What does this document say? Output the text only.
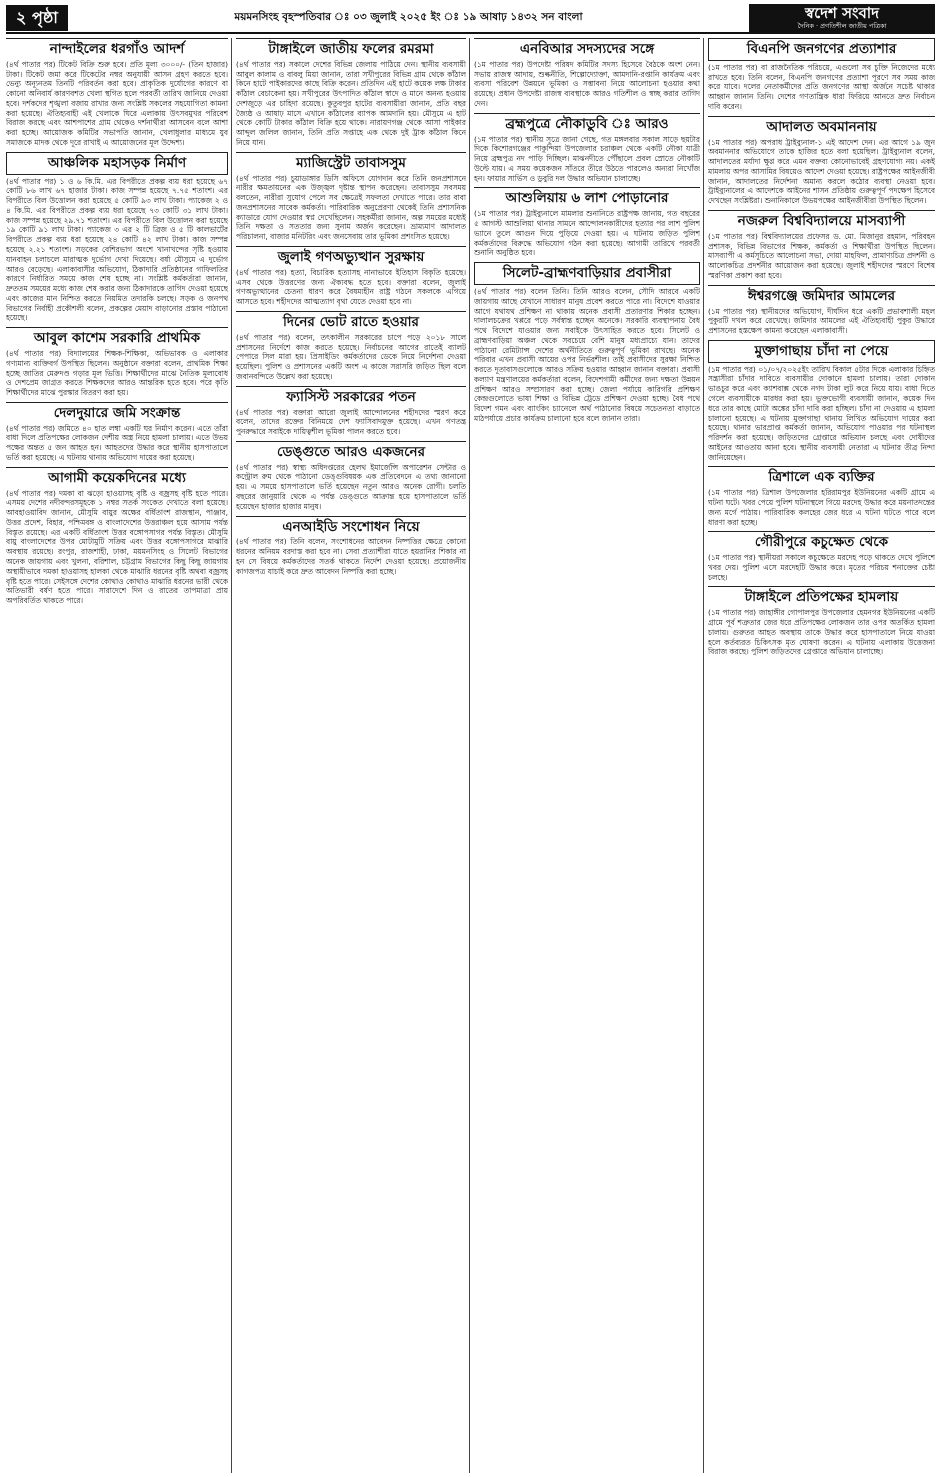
২ পৃষ্ঠা	ময়মনসিংহ বৃহস্পতিবার ঃ ০৩ জুলাই ২০২৫ ইং ঃ ১৯ আষাঢ় ১৪৩২ সন বাংলা	স্বদেশ সংবাদ
দৈনিক · প্রগতিশীল জাতীয় পত্রিকা
নান্দাইলের ধরগাঁও আদর্শ

(৪র্থ পাতার পর) টিকেট বিক্রি শুরু হবে। প্রতি মূল্য ৩০০০/- (তিন হাজার) টাকা। টিকেট জমা করে টিকেটের নম্বর অনুযায়ী আসন গ্রহণ করতে হবে। ভেন্যু অন্যূনতম তিনটি পরিবর্তন করা হবে। প্রাকৃতিক দুর্যোগের কারণে বা কোনো অনিবার্য কারণবশত খেলা স্থগিত হলে পরবর্তী তারিখ জানিয়ে দেওয়া হবে। দর্শকদের শৃঙ্খলা বজায় রাখার জন্য সংশ্লিষ্ট সকলের সহযোগিতা কামনা করা হয়েছে। ঐতিহ্যবাহী এই খেলাকে ঘিরে এলাকায় উৎসবমুখর পরিবেশ বিরাজ করছে এবং আশপাশের গ্রাম থেকেও দর্শনার্থীরা আসবেন বলে আশা করা হচ্ছে। আয়োজক কমিটির সভাপতি জানান, খেলাধুলার মাধ্যমে যুব সমাজকে মাদক থেকে দূরে রাখাই এ আয়োজনের মূল উদ্দেশ্য।

আঞ্চলিক মহাসড়ক নির্মাণ

(৪র্থ পাতার পর) ১ ও ৬ কি.মি. এর বিপরীতে প্রকল্প ব্যয় ধরা হয়েছে ৬৭ কোটি ৮৬ লাখ ৬৭ হাজার টাকা। কাজ সম্পন্ন হয়েছে ৭.৭৫ শতাংশ। এর বিপরীতে বিল উত্তোলন করা হয়েছে ৫ কোটি ৯৩ লাখ টাকা। প্যাকেজ ২ ও ৪ কি.মি. এর বিপরীতে প্রকল্প ব্যয় ধরা হয়েছে ৭৩ কোটি ৩১ লাখ টাকা। কাজ সম্পন্ন হয়েছে ২৯.৭১ শতাংশ। এর বিপরীতে বিল উত্তোলন করা হয়েছে ১৯ কোটি ৯১ লাখ টাকা। প্যাকেজ ৩ এর ২ টি ব্রিজ ও ৫ টি কালভার্টের বিপরীতে প্রকল্প ব্যয় ধরা হয়েছে ২৪ কোটি ৪২ লাখ টাকা। কাজ সম্পন্ন হয়েছে ২.২১ শতাংশ। সড়কের বেশিরভাগ অংশে খানাখন্দের সৃষ্টি হওয়ায় যানবাহন চলাচলে মারাত্মক দুর্ভোগ দেখা দিয়েছে। বর্ষা মৌসুমে এ দুর্ভোগ আরও বেড়েছে। এলাকাবাসীর অভিযোগ, ঠিকাদারি প্রতিষ্ঠানের গাফিলতির কারণে নির্ধারিত সময়ে কাজ শেষ হচ্ছে না। সংশ্লিষ্ট কর্মকর্তারা জানান, দ্রুততম সময়ের মধ্যে কাজ শেষ করার জন্য ঠিকাদারকে তাগিদ দেওয়া হয়েছে এবং কাজের মান নিশ্চিত করতে নিয়মিত তদারকি চলছে। সড়ক ও জনপথ বিভাগের নির্বাহী প্রকৌশলী বলেন, প্রকল্পের মেয়াদ বাড়ানোর প্রস্তাব পাঠানো হয়েছে।

আবুল কাশেম সরকারি প্রাথমিক

(৪র্থ পাতার পর) বিদ্যালয়ের শিক্ষক-শিক্ষিকা, অভিভাবক ও এলাকার গণ্যমান্য ব্যক্তিবর্গ উপস্থিত ছিলেন। অনুষ্ঠানে বক্তারা বলেন, প্রাথমিক শিক্ষা হচ্ছে জাতির মেরুদণ্ড গড়ার মূল ভিত্তি। শিক্ষার্থীদের মাঝে নৈতিক মূল্যবোধ ও দেশপ্রেম জাগ্রত করতে শিক্ষকদের আরও আন্তরিক হতে হবে। পরে কৃতি শিক্ষার্থীদের মাঝে পুরস্কার বিতরণ করা হয়।

দেলদুয়ারে জমি সংক্রান্ত

(৪র্থ পাতার পর) জমিতে ৪০ হাত লম্বা একটি ঘর নির্মাণ করেন। এতে তাঁরা বাধা দিলে প্রতিপক্ষের লোকজন দেশীয় অস্ত্র নিয়ে হামলা চালায়। এতে উভয় পক্ষের অন্তত ৫ জন আহত হন। আহতদের উদ্ধার করে স্থানীয় হাসপাতালে ভর্তি করা হয়েছে। এ ঘটনায় থানায় অভিযোগ দায়ের করা হয়েছে।

আগামী কয়েকদিনের মধ্যে

(৪র্থ পাতার পর) দমকা বা ঝড়ো হাওয়াসহ বৃষ্টি ও বজ্রসহ বৃষ্টি হতে পারে। এসময় দেশের নদীবন্দরসমূহকে ১ নম্বর সতর্ক সংকেত দেখাতে বলা হয়েছে। আবহাওয়াবিদ জানান, মৌসুমি বায়ুর অক্ষের বর্ধিতাংশ রাজস্থান, পাঞ্জাব, উত্তর প্রদেশ, বিহার, পশ্চিমবঙ্গ ও বাংলাদেশের উত্তরাঞ্চল হয়ে আসাম পর্যন্ত বিস্তৃত রয়েছে। এর একটি বর্ধিতাংশ উত্তর বঙ্গোপসাগর পর্যন্ত বিস্তৃত। মৌসুমি বায়ু বাংলাদেশের উপর মোটামুটি সক্রিয় এবং উত্তর বঙ্গোপসাগরে মাঝারি অবস্থায় রয়েছে। রংপুর, রাজশাহী, ঢাকা, ময়মনসিংহ ও সিলেট বিভাগের অনেক জায়গায় এবং খুলনা, বরিশাল, চট্টগ্রাম বিভাগের কিছু কিছু জায়গায় অস্থায়ীভাবে দমকা হাওয়াসহ হালকা থেকে মাঝারি ধরনের বৃষ্টি অথবা বজ্রসহ বৃষ্টি হতে পারে। সেইসঙ্গে দেশের কোথাও কোথাও মাঝারি ধরনের ভারী থেকে অতিভারী বর্ষণ হতে পারে। সারাদেশে দিন ও রাতের তাপমাত্রা প্রায় অপরিবর্তিত থাকতে পারে।

টাঙ্গাইলে জাতীয় ফলের রমরমা

(৪র্থ পাতার পর) সকালে দেশের বিভিন্ন জেলায় পাঠিয়ে দেন। স্থানীয় ব্যবসায়ী আবুল কালাম ও বাবলু মিয়া জানান, তারা সখীপুরের বিভিন্ন গ্রাম থেকে কাঁঠাল কিনে হাটে পাইকারদের কাছে বিক্রি করেন। প্রতিদিন এই হাটে কয়েক লক্ষ টাকার কাঁঠাল বেচাকেনা হয়। সখীপুরের উৎপাদিত কাঁঠাল স্বাদে ও মানে অনন্য হওয়ায় দেশজুড়ে এর চাহিদা রয়েছে। কুতুবপুর হাটের ব্যবসায়ীরা জানান, প্রতি বছর জ্যৈষ্ঠ ও আষাঢ় মাসে এখানে কাঁঠালের ব্যাপক আমদানি হয়। মৌসুমে এ হাট থেকে কোটি টাকার কাঁঠাল বিক্রি হয়ে থাকে। নারায়ণগঞ্জ থেকে আসা পাইকার আব্দুল জলিল জানান, তিনি প্রতি সপ্তাহে এক থেকে দুই ট্রাক কাঁঠাল কিনে নিয়ে যান।

ম্যাজিস্ট্রেট তাবাসসুম

(৪র্থ পাতার পর) চুয়াডাঙ্গার ডিসি অফিসে যোগদান করে তিনি জনপ্রশাসনে নারীর ক্ষমতায়নের এক উজ্জ্বল দৃষ্টান্ত স্থাপন করেছেন। তাবাসসুম সবসময় বলতেন, নারীরা সুযোগ পেলে সব ক্ষেত্রেই সফলতা দেখাতে পারে। তার বাবা জনপ্রশাসনের সাবেক কর্মকর্তা। পারিবারিক অনুপ্রেরণা থেকেই তিনি প্রশাসনিক ক্যাডারে যোগ দেওয়ার স্বপ্ন দেখেছিলেন। সহকর্মীরা জানান, অল্প সময়ের মধ্যেই তিনি দক্ষতা ও সততার জন্য সুনাম অর্জন করেছেন। ভ্রাম্যমাণ আদালত পরিচালনা, বাজার মনিটরিং এবং জনসেবায় তার ভূমিকা প্রশংসিত হয়েছে।

জুলাই গণঅভ্যুত্থান সুরক্ষায়

(৪র্থ পাতার পর) হত্যা, বিচারিক হত্যাসহ নানাভাবে ইতিহাস বিকৃতি হয়েছে। এসব থেকে উত্তরণের জন্য ঐক্যবদ্ধ হতে হবে। বক্তারা বলেন, জুলাই গণঅভ্যুত্থানের চেতনা ধারণ করে বৈষম্যহীন রাষ্ট্র গঠনে সকলকে এগিয়ে আসতে হবে। শহীদদের আত্মত্যাগ বৃথা যেতে দেওয়া হবে না।

দিনের ভোট রাতে হওয়ার

(৪র্থ পাতার পর) বলেন, তৎকালীন সরকারের চাপে পড়ে ২০১৮ সালে প্রশাসনের নির্দেশে কাজ করতে হয়েছে। নির্বাচনের আগের রাতেই ব্যালট পেপারে সিল মারা হয়। প্রিসাইডিং কর্মকর্তাদের ডেকে নিয়ে নির্দেশনা দেওয়া হয়েছিল। পুলিশ ও প্রশাসনের একটি অংশ এ কাজে সরাসরি জড়িত ছিল বলে জবানবন্দিতে উল্লেখ করা হয়েছে।

ফ্যাসিস্ট সরকারের পতন

(৪র্থ পাতার পর) বক্তারা আরো জুলাই আন্দোলনের শহীদদের স্মরণ করে বলেন, তাদের রক্তের বিনিময়ে দেশ ফ্যাসিবাদমুক্ত হয়েছে। এখন গণতন্ত্র পুনরুদ্ধারে সবাইকে দায়িত্বশীল ভূমিকা পালন করতে হবে।

ডেঙ্গুতে আরও একজনের

(৪র্থ পাতার পর) স্বাস্থ্য অধিদপ্তরের হেলথ ইমার্জেন্সি অপারেশন সেন্টার ও কন্ট্রোল রুম থেকে পাঠানো ডেঙ্গুবিষয়ক এক প্রতিবেদনে এ তথ্য জানানো হয়। এ সময়ে হাসপাতালে ভর্তি হয়েছেন নতুন আরও অনেক রোগী। চলতি বছরের জানুয়ারি থেকে এ পর্যন্ত ডেঙ্গুতে আক্রান্ত হয়ে হাসপাতালে ভর্তি হয়েছেন হাজার হাজার মানুষ।

এনআইডি সংশোধন নিয়ে

(৪র্থ পাতার পর) তিনি বলেন, সংশোধনের আবেদন নিষ্পত্তির ক্ষেত্রে কোনো ধরনের অনিয়ম বরদাস্ত করা হবে না। সেবা প্রত্যাশীরা যাতে হয়রানির শিকার না হন সে বিষয়ে কর্মকর্তাদের সতর্ক থাকতে নির্দেশ দেওয়া হয়েছে। প্রয়োজনীয় কাগজপত্র যাচাই করে দ্রুত আবেদন নিষ্পত্তি করা হচ্ছে।

এনবিআর সদস্যদের সঙ্গে

(১ম পাতার পর) উপদেষ্টা পরিষদ কমিটির সদস্য হিসেবে বৈঠকে অংশ নেন। সভায় রাজস্ব আদায়, শুল্কনীতি, শিল্পোদ্যোক্তা, আমদানি-রপ্তানি কার্যক্রম এবং ব্যবসা পরিবেশ উন্নয়নে ভূমিকা ও সম্ভাবনা নিয়ে আলোচনা হওয়ার কথা রয়েছে। প্রধান উপদেষ্টা রাজস্ব ব্যবস্থাকে আরও গতিশীল ও স্বচ্ছ করার তাগিদ দেন।

ব্রহ্মপুত্রে নৌকাডুবি ঃ আরও

(১ম পাতার পর) স্থানীয় সূত্রে জানা গেছে, গত মঙ্গলবার সকাল সাড়ে ছয়টার দিকে কিশোরগঞ্জের পাকুন্দিয়া উপজেলার চরাঞ্চল থেকে একটি নৌকা যাত্রী নিয়ে ব্রহ্মপুত্র নদ পাড়ি দিচ্ছিল। মাঝনদীতে পৌঁছালে প্রবল স্রোতে নৌকাটি উল্টে যায়। এ সময় কয়েকজন সাঁতরে তীরে উঠতে পারলেও অন্যরা নিখোঁজ হন। ফায়ার সার্ভিস ও ডুবুরি দল উদ্ধার অভিযান চালাচ্ছে।

আশুলিয়ায় ৬ লাশ পোড়ানোর

(১ম পাতার পর) ট্রাইব্যুনালে মামলার শুনানিতে রাষ্ট্রপক্ষ জানায়, গত বছরের ৫ আগস্ট আশুলিয়া থানার সামনে আন্দোলনকারীদের হত্যার পর লাশ পুলিশ ভ্যানে তুলে আগুন দিয়ে পুড়িয়ে দেওয়া হয়। এ ঘটনায় জড়িত পুলিশ কর্মকর্তাদের বিরুদ্ধে অভিযোগ গঠন করা হয়েছে। আগামী তারিখে পরবর্তী শুনানি অনুষ্ঠিত হবে।

সিলেট-ব্রাহ্মণবাড়িয়ার প্রবাসীরা

(৪র্থ পাতার পর) বলেন তিনি। তিনি আরও বলেন, সৌদি আরবে একটি জায়গায় আছে যেখানে সাধারণ মানুষ প্রবেশ করতে পারে না। বিদেশে যাওয়ার আগে যথাযথ প্রশিক্ষণ না থাকায় অনেক প্রবাসী প্রতারণার শিকার হচ্ছেন। দালালচক্রের খপ্পরে পড়ে সর্বস্বান্ত হচ্ছেন অনেকে। সরকারি ব্যবস্থাপনায় বৈধ পথে বিদেশে যাওয়ার জন্য সবাইকে উৎসাহিত করতে হবে। সিলেট ও ব্রাহ্মণবাড়িয়া অঞ্চল থেকে সবচেয়ে বেশি মানুষ মধ্যপ্রাচ্যে যান। তাদের পাঠানো রেমিট্যান্স দেশের অর্থনীতিতে গুরুত্বপূর্ণ ভূমিকা রাখছে। অনেক পরিবার এখন প্রবাসী আয়ের ওপর নির্ভরশীল। তাই প্রবাসীদের সুরক্ষা নিশ্চিত করতে দূতাবাসগুলোকে আরও সক্রিয় হওয়ার আহ্বান জানান বক্তারা। প্রবাসী কল্যাণ মন্ত্রণালয়ের কর্মকর্তারা বলেন, বিদেশগামী কর্মীদের জন্য দক্ষতা উন্নয়ন প্রশিক্ষণ আরও সম্প্রসারণ করা হচ্ছে। জেলা পর্যায়ে কারিগরি প্রশিক্ষণ কেন্দ্রগুলোতে ভাষা শিক্ষা ও বিভিন্ন ট্রেডে প্রশিক্ষণ দেওয়া হচ্ছে। বৈধ পথে বিদেশ গমন এবং ব্যাংকিং চ্যানেলে অর্থ পাঠানোর বিষয়ে সচেতনতা বাড়াতে মাঠপর্যায়ে প্রচার কার্যক্রম চালানো হবে বলে জানান তারা।

বিএনপি জনগণের প্রত্যাশার

(১ম পাতার পর) বা রাজনৈতিক পরিচয়ে, এগুলো সব চুক্তি নিজেদের মধ্যে রাখতে হবে। তিনি বলেন, বিএনপি জনগণের প্রত্যাশা পূরণে সব সময় কাজ করে যাবে। দলের নেতাকর্মীদের প্রতি জনগণের আস্থা অর্জনে সচেষ্ট থাকার আহ্বান জানান তিনি। দেশের গণতান্ত্রিক ধারা ফিরিয়ে আনতে দ্রুত নির্বাচন দাবি করেন।

আদালত অবমাননায়

(১ম পাতার পর) অপরাধ ট্রাইব্যুনাল-১ এই আদেশ দেন। এর আগে ১৯ জুন অবমাননার অভিযোগে তাকে হাজির হতে বলা হয়েছিল। ট্রাইব্যুনাল বলেন, আদালতের মর্যাদা ক্ষুণ্ণ করে এমন বক্তব্য কোনোভাবেই গ্রহণযোগ্য নয়। একই মামলায় অপর আসামির বিষয়েও আদেশ দেওয়া হয়েছে। রাষ্ট্রপক্ষের আইনজীবী জানান, আদালতের নির্দেশনা অমান্য করলে কঠোর ব্যবস্থা নেওয়া হবে। ট্রাইব্যুনালের এ আদেশকে আইনের শাসন প্রতিষ্ঠায় গুরুত্বপূর্ণ পদক্ষেপ হিসেবে দেখছেন সংশ্লিষ্টরা। শুনানিকালে উভয়পক্ষের আইনজীবীরা উপস্থিত ছিলেন।

নজরুল বিশ্ববিদ্যালয়ে মাসব্যাপী

(১ম পাতার পর) বিশ্ববিদ্যালয়ের প্রফেসর ড. মো. মিজানুর রহমান, পরিবহন প্রশাসক, বিভিন্ন বিভাগের শিক্ষক, কর্মকর্তা ও শিক্ষার্থীরা উপস্থিত ছিলেন। মাসব্যাপী এ কর্মসূচিতে আলোচনা সভা, দোয়া মাহফিল, প্রামাণ্যচিত্র প্রদর্শনী ও আলোকচিত্র প্রদর্শনীর আয়োজন করা হয়েছে। জুলাই শহীদদের স্মরণে বিশেষ স্মরণিকা প্রকাশ করা হবে।

ঈশ্বরগঞ্জে জমিদার আমলের

(১ম পাতার পর) স্থানীয়দের অভিযোগ, দীর্ঘদিন ধরে একটি প্রভাবশালী মহল পুকুরটি দখল করে রেখেছে। জমিদার আমলের এই ঐতিহ্যবাহী পুকুর উদ্ধারে প্রশাসনের হস্তক্ষেপ কামনা করেছেন এলাকাবাসী।

মুক্তাগাছায় চাঁদা না পেয়ে

(১ম পাতার পর) ০১/০৭/২০২৫ইং তারিখ বিকাল ৫টার দিকে এলাকার চিহ্নিত সন্ত্রাসীরা চাঁদার দাবিতে ব্যবসায়ীর দোকানে হামলা চালায়। তারা দোকান ভাঙচুর করে এবং ক্যাশবাক্স থেকে নগদ টাকা লুট করে নিয়ে যায়। বাধা দিতে গেলে ব্যবসায়ীকে মারধর করা হয়। ভুক্তভোগী ব্যবসায়ী জানান, কয়েক দিন ধরে তার কাছে মোটা অঙ্কের চাঁদা দাবি করা হচ্ছিল। চাঁদা না দেওয়ায় এ হামলা চালানো হয়েছে। এ ঘটনায় মুক্তাগাছা থানায় লিখিত অভিযোগ দায়ের করা হয়েছে। থানার ভারপ্রাপ্ত কর্মকর্তা জানান, অভিযোগ পাওয়ার পর ঘটনাস্থল পরিদর্শন করা হয়েছে। জড়িতদের গ্রেপ্তারে অভিযান চলছে এবং দোষীদের আইনের আওতায় আনা হবে। স্থানীয় ব্যবসায়ী নেতারা এ ঘটনার তীব্র নিন্দা জানিয়েছেন।

ত্রিশালে এক ব্যক্তির

(১ম পাতার পর) ত্রিশাল উপজেলার হরিরামপুর ইউনিয়নের একটি গ্রামে এ ঘটনা ঘটে। খবর পেয়ে পুলিশ ঘটনাস্থলে গিয়ে মরদেহ উদ্ধার করে ময়নাতদন্তের জন্য মর্গে পাঠায়। পারিবারিক কলহের জের ধরে এ ঘটনা ঘটতে পারে বলে ধারণা করা হচ্ছে।

গৌরীপুরে কচুক্ষেত থেকে

(১ম পাতার পর) স্থানীয়রা সকালে কচুক্ষেতে মরদেহ পড়ে থাকতে দেখে পুলিশে খবর দেয়। পুলিশ এসে মরদেহটি উদ্ধার করে। মৃতের পরিচয় শনাক্তের চেষ্টা চলছে।

টাঙ্গাইলে প্রতিপক্ষের হামলায়

(১ম পাতার পর) জাহাঙ্গীর গোপালপুর উপজেলার হেমনগর ইউনিয়নের একটি গ্রামে পূর্ব শত্রুতার জের ধরে প্রতিপক্ষের লোকজন তার ওপর অতর্কিত হামলা চালায়। গুরুতর আহত অবস্থায় তাকে উদ্ধার করে হাসপাতালে নিয়ে যাওয়া হলে কর্তব্যরত চিকিৎসক মৃত ঘোষণা করেন। এ ঘটনায় এলাকায় উত্তেজনা বিরাজ করছে। পুলিশ জড়িতদের গ্রেপ্তারে অভিযান চালাচ্ছে।
